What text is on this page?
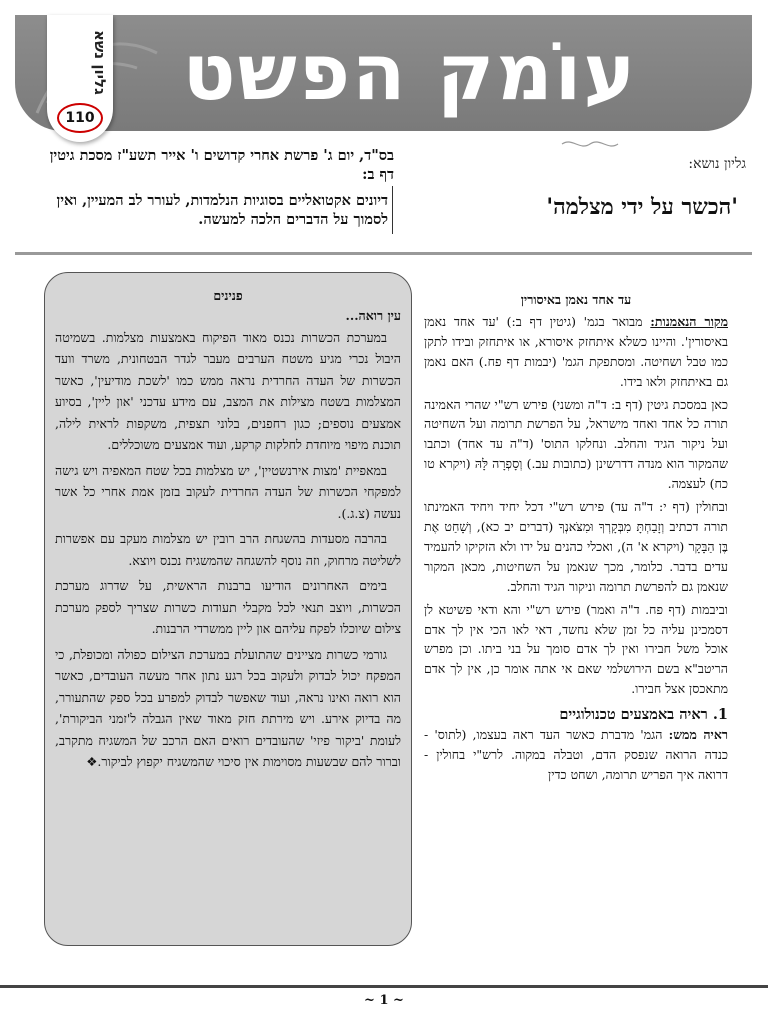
עוֹמק הפשט
גליון נשא
110
בס"ד, יום ג' פרשת אחרי קדושים ו' אייר תשע"ז מסכת גיטין דף ב:
דיונים אקטואליים בסוגיות הנלמדות, לעורר לב המעיין, ואין לסמוך על הדברים הלכה למעשה.
גליון נושא:
'הכשר על ידי מצלמה'
פנינים
עין רואה...

במערכת הכשרות נכנס מאוד הפיקוח באמצעות מצלמות. בשמיטה היבול נכרי מגיע משטח הערבים מעבר לגדר הבטחונית, משרד וועד הכשרות של העדה החרדית נראה ממש כמו 'לשכת מודיעין', כאשר המצלמות בשטח מצילות את המצב, עם מידע עדכני 'און ליין', בסיוע אמצעים נוספים; כגון רחפנים, בלוני תצפית, משקפות לראית לילה, תוכנת מיפוי מיוחדת לחלקות קרקע, ועוד אמצעים משוכללים.

במאפיית 'מצות אירנשטיין', יש מצלמות בכל שטח המאפיה ויש גישה למפקחי הכשרות של העדה החרדית לעקוב בזמן אמת אחרי כל אשר נעשה (צ.ג.).

בהרבה מסעדות בהשגחת הרב רובין יש מצלמות מעקב עם אפשרות לשליטה מרחוק, וזה נוסף להשגחה שהמשגיח נכנס ויוצא.

בימים האחרונים הודיעו ברבנות הראשית, על שדרוג מערכת הכשרות, ויוצב תנאי לכל מקבלי תעודות כשרות שצריך לספק מערכת צילום שיוכלו לפקח עליהם און ליין ממשרדי הרבנות.

גורמי כשרות מציינים שהתועלת במערכת הצילום כפולה ומכופלת, כי המפקח יכול לבדוק ולעקוב בכל רגע נתון אחר מעשה העובדים, כאשר הוא רואה ואינו נראה, ועוד שאפשר לבדוק למפרע בכל ספק שהתעורר, מה בדיוק אירע. ויש מירתת חזק מאוד שאין הגבלה ל'זמני הביקורת', לעומת 'ביקור פיזי' שהעובדים רואים האם הרכב של המשגיח מתקרב, וברור להם שבשעות מסוימות אין סיכוי שהמשגיח יקפוץ לביקור.❖

עד אחד נאמן באיסורין

מקור הנאמנות: מבואר בגמ' (גיטין דף ב:) 'עד אחד נאמן באיסורין'. והיינו כשלא איתחזק איסורא, או איתחזק ובידו לתקן כמו טבל ושחיטה. ומסתפקת הגמ' (יבמות דף פח.) האם נאמן גם באיתחזק ולאו בידו.

כאן במסכת גיטין (דף ב: ד"ה ומשני) פירש רש"י שהרי האמינה תורה כל אחד ואחד מישראל, על הפרשת תרומה ועל השחיטה ועל ניקור הגיד והחלב. ונחלקו התוס' (ד"ה עד אחד) וכתבו שהמקור הוא מנדה דדרשינן (כתובות עב.) וְסָפְרָה לָּהּ (ויקרא טו כח) לעצמה.

ובחולין (דף י: ד"ה עד) פירש רש"י דכל יחיד ויחיד האמינתו תורה דכתיב וְזָבַחְתָּ מִבְּקָרְךָ וּמִצֹּאנְךָ (דברים יב כא), וְשָׁחַט אֶת בֶּן הַבָּקָר (ויקרא א' ה), ואכלי כהנים על ידו ולא הזקיקו להעמיד עדים בדבר. כלומר, מכך שנאמן על השחיטות, מכאן המקור שנאמן גם להפרשת תרומה וניקור הגיד והחלב.

וביבמות (דף פח. ד"ה ואמר) פירש רש"י והא ודאי פשיטא לן דסמכינן עליה כל זמן שלא נחשד, דאי לאו הכי אין לך אדם אוכל משל חבירו ואין לך אדם סומך על בני ביתו. וכן מפרש הריטב"א בשם הירושלמי שאם אי אתה אומר כן, אין לך אדם מתאכסן אצל חבירו.

1. ראיה באמצעים טכנולוגיים

ראיה ממש: הגמ' מדברת כאשר העד ראה בעצמו, (לתוס' - כנדה הרואה שנפסק הדם, וטבלה במקוה. לרש"י בחולין - דרואה איך הפריש תרומה, ושחט כדין

~ 1 ~
